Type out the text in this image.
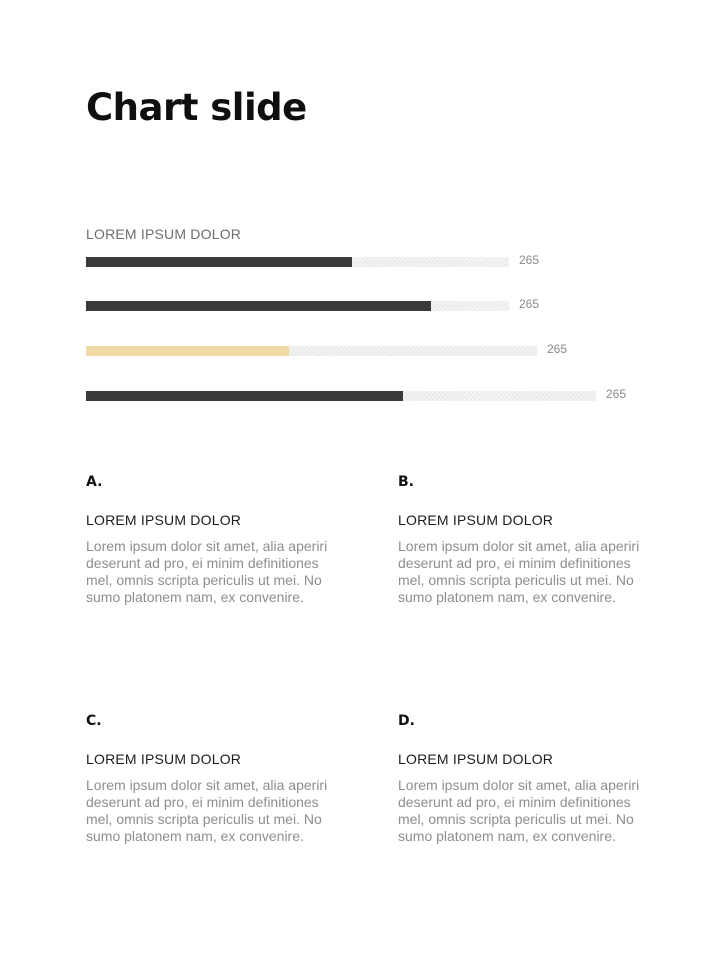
Chart slide
LOREM IPSUM DOLOR
265
265
265
265
A.
LOREM IPSUM DOLOR
Lorem ipsum dolor sit amet, alia aperiri deserunt ad pro, ei minim definitiones mel, omnis scripta periculis ut mei. No sumo platonem nam, ex convenire.
B.
LOREM IPSUM DOLOR
Lorem ipsum dolor sit amet, alia aperiri deserunt ad pro, ei minim definitiones mel, omnis scripta periculis ut mei. No sumo platonem nam, ex convenire.
C.
LOREM IPSUM DOLOR
Lorem ipsum dolor sit amet, alia aperiri deserunt ad pro, ei minim definitiones mel, omnis scripta periculis ut mei. No sumo platonem nam, ex convenire.
D.
LOREM IPSUM DOLOR
Lorem ipsum dolor sit amet, alia aperiri deserunt ad pro, ei minim definitiones mel, omnis scripta periculis ut mei. No sumo platonem nam, ex convenire.
